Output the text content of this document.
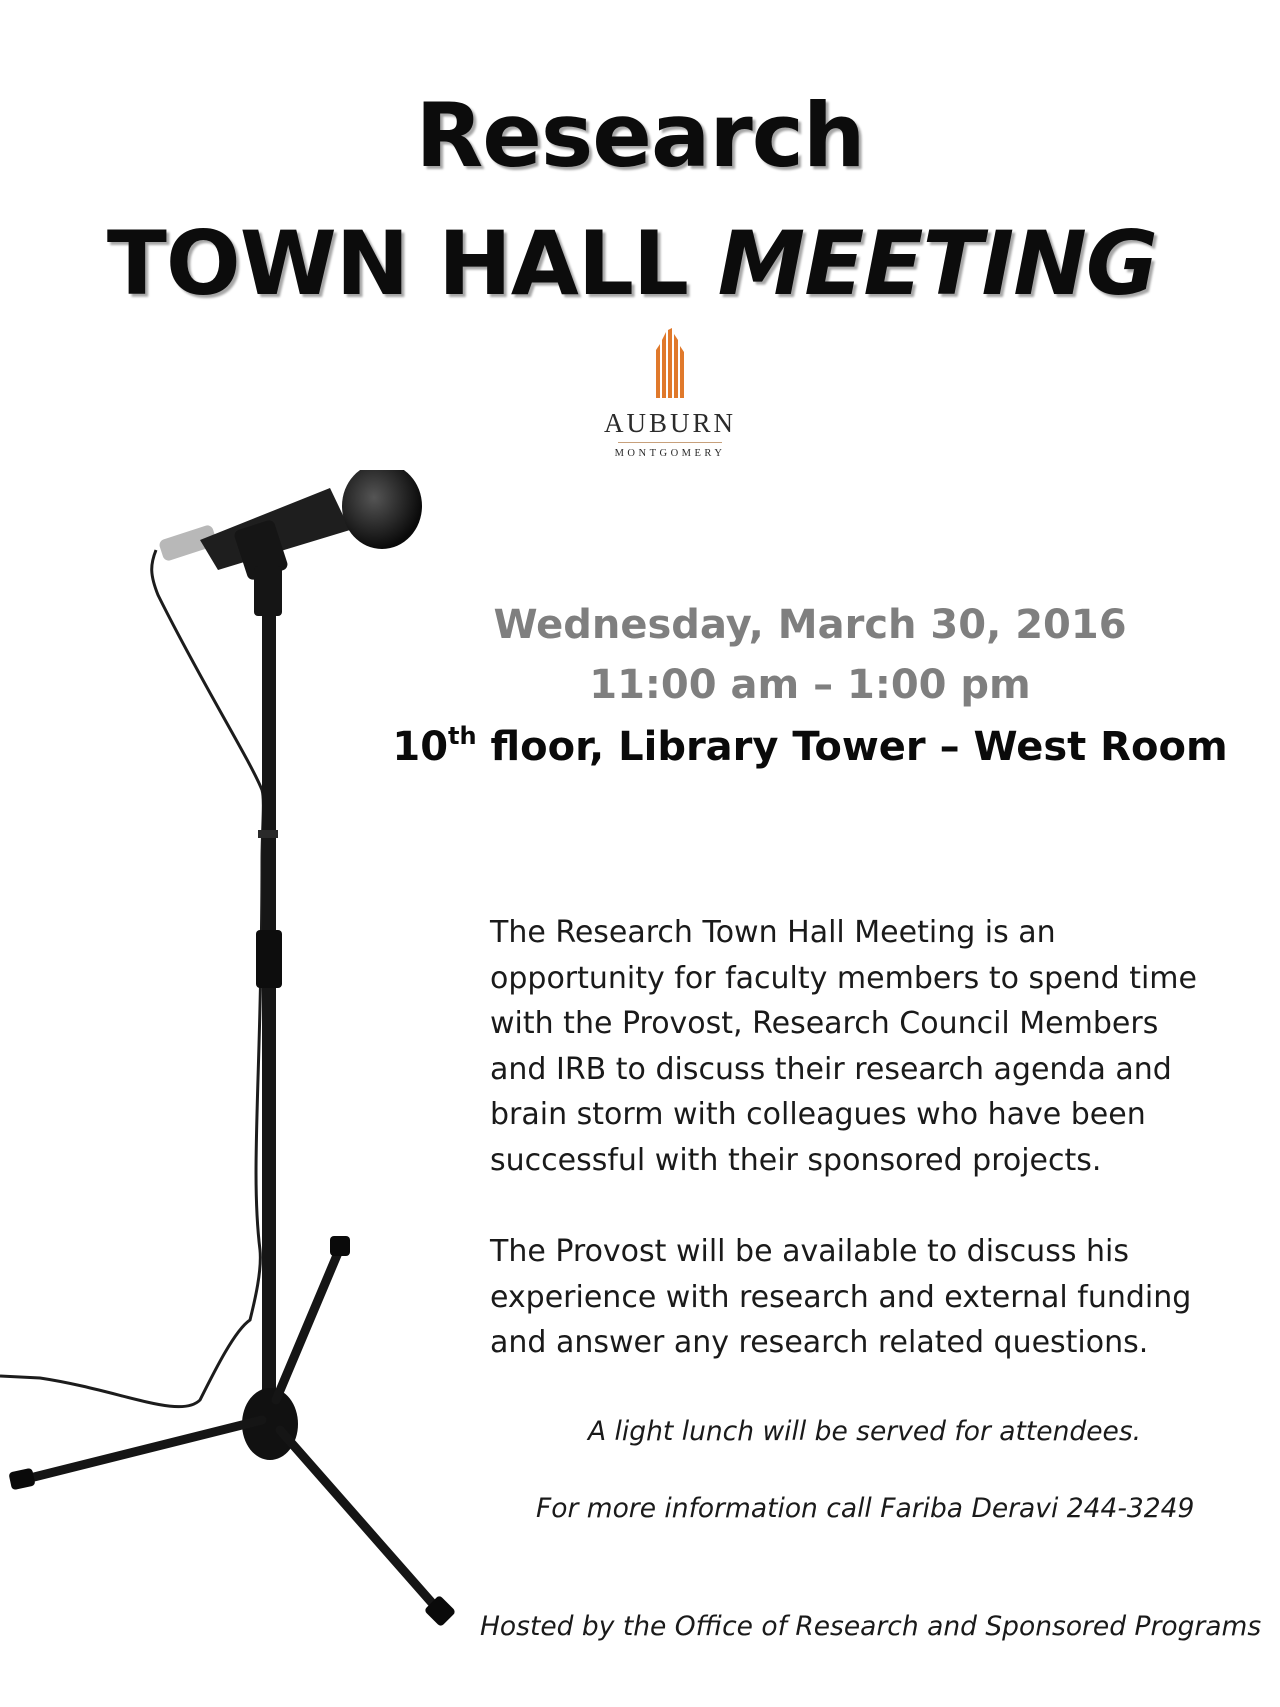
Research
TOWN HALL MEETING
AUBURN
MONTGOMERY
Wednesday, March 30, 2016
11:00 am – 1:00 pm
10th floor, Library Tower – West Room
The Research Town Hall Meeting is an
opportunity for faculty members to spend time
with the Provost, Research Council Members
and IRB to discuss their research agenda and
brain storm with colleagues who have been
successful with their sponsored projects.
The Provost will be available to discuss his
experience with research and external funding
and answer any research related questions.
A light lunch will be served for attendees.
For more information call Fariba Deravi 244-3249
Hosted by the Office of Research and Sponsored Programs
